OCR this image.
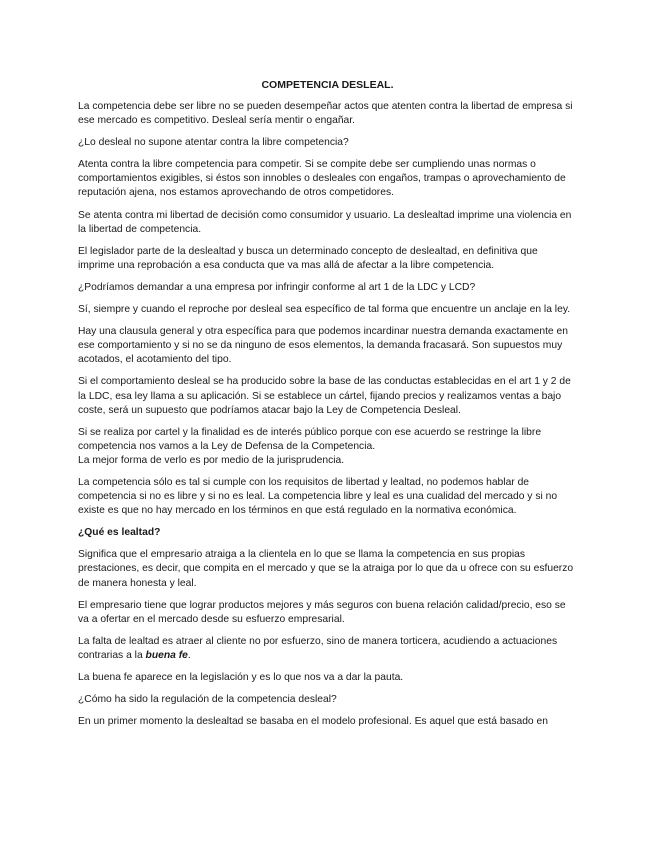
COMPETENCIA DESLEAL.

La competencia debe ser libre no se pueden desempeñar actos que atenten contra la libertad de empresa si ese mercado es competitivo. Desleal sería mentir o engañar.

¿Lo desleal no supone atentar contra la libre competencia?

Atenta contra la libre competencia para competir. Si se compite debe ser cumpliendo unas normas o comportamientos exigibles, si éstos son innobles o desleales con engaños, trampas o aprovechamiento de reputación ajena, nos estamos aprovechando de otros competidores.

Se atenta contra mi libertad de decisión como consumidor y usuario. La deslealtad imprime una violencia en la libertad de competencia.

El legislador parte de la deslealtad y busca un determinado concepto de deslealtad, en definitiva que imprime una reprobación a esa conducta que va mas allá de afectar a la libre competencia.

¿Podríamos demandar a una empresa por infringir conforme al art 1 de la LDC y LCD?

Sí, siempre y cuando el reproche por desleal sea específico de tal forma que encuentre un anclaje en la ley.

Hay una clausula general y otra específica para que podemos incardinar nuestra demanda exactamente en ese comportamiento y si no se da ninguno de esos elementos, la demanda fracasará. Son supuestos muy acotados, el acotamiento del tipo.

Si el comportamiento desleal se ha producido sobre la base de las conductas establecidas en el art 1 y 2 de la LDC, esa ley llama a su aplicación. Si se establece un cártel, fijando precios y realizamos ventas a bajo coste, será un supuesto que podríamos atacar bajo la Ley de Competencia Desleal.

Si se realiza por cartel y la finalidad es de interés público porque con ese acuerdo se restringe la libre competencia nos vamos a la Ley de Defensa de la Competencia.
La mejor forma de verlo es por medio de la jurisprudencia.

La competencia sólo es tal si cumple con los requisitos de libertad y lealtad, no podemos hablar de competencia si no es libre y si no es leal. La competencia libre y leal es una cualidad del mercado y si no existe es que no hay mercado en los términos en que está regulado en la normativa económica.

¿Qué es lealtad?

Significa que el empresario atraiga a la clientela en lo que se llama la competencia en sus propias prestaciones, es decir, que compita en el mercado y que se la atraiga por lo que da u ofrece con su esfuerzo de manera honesta y leal.

El empresario tiene que lograr productos mejores y más seguros con buena relación calidad/precio, eso se va a ofertar en el mercado desde su esfuerzo empresarial.

La falta de lealtad es atraer al cliente no por esfuerzo, sino de manera torticera, acudiendo a actuaciones contrarias a la buena fe.

La buena fe aparece en la legislación y es lo que nos va a dar la pauta.

¿Cómo ha sido la regulación de la competencia desleal?

En un primer momento la deslealtad se basaba en el modelo profesional. Es aquel que está basado en
